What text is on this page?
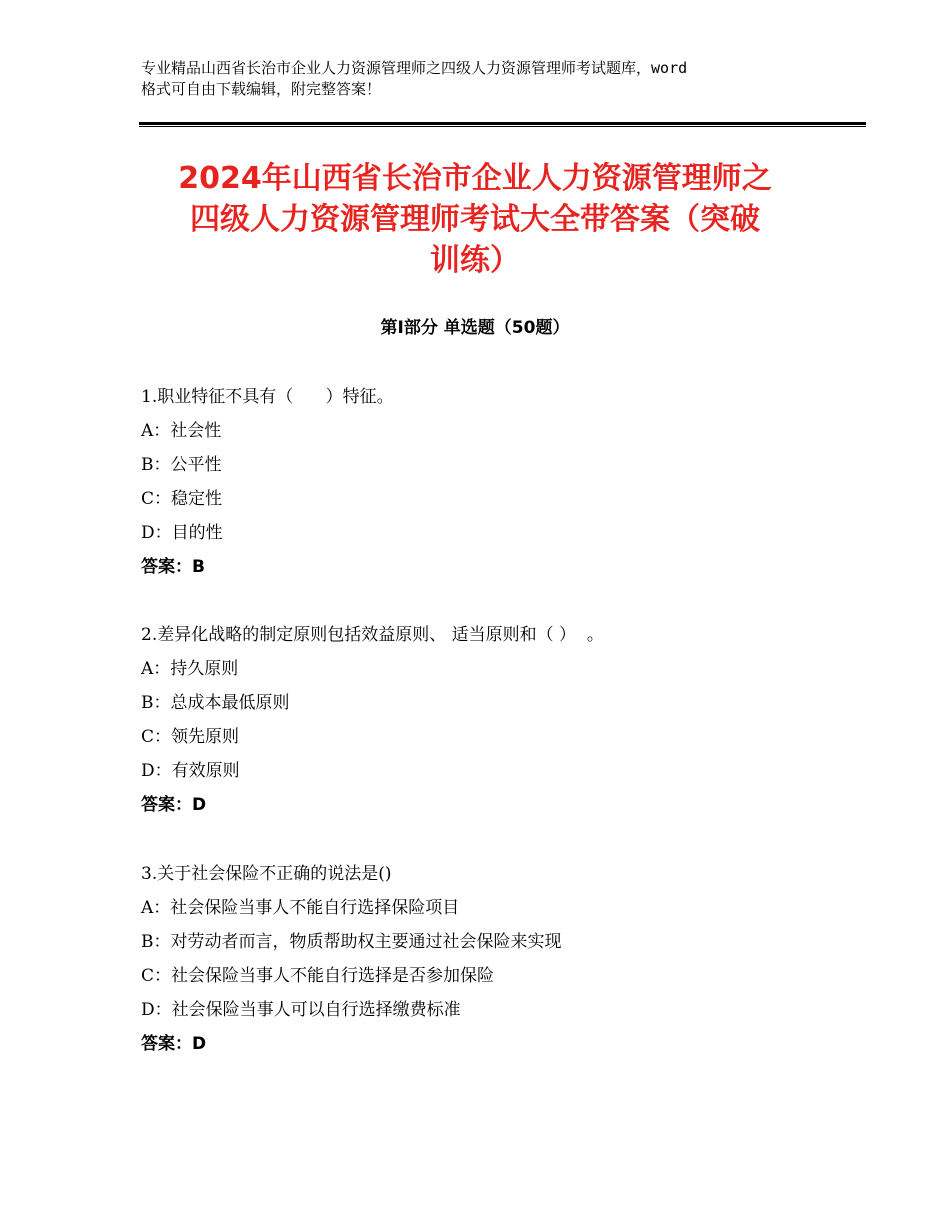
专业精品山西省长治市企业人力资源管理师之四级人力资源管理师考试题库，word
格式可自由下载编辑，附完整答案！
2024年山西省长治市企业人力资源管理师之
四级人力资源管理师考试大全带答案（突破
训练）
第Ⅰ部分 单选题（50题）
1.职业特征不具有（      ）特征。
A：社会性
B：公平性
C：稳定性
D：目的性
答案：B
2.差异化战略的制定原则包括效益原则、 适当原则和（ ）  。
A：持久原则
B：总成本最低原则
C：领先原则
D：有效原则
答案：D
3.关于社会保险不正确的说法是()
A：社会保险当事人不能自行选择保险项目
B：对劳动者而言，物质帮助权主要通过社会保险来实现
C：社会保险当事人不能自行选择是否参加保险
D：社会保险当事人可以自行选择缴费标准
答案：D
